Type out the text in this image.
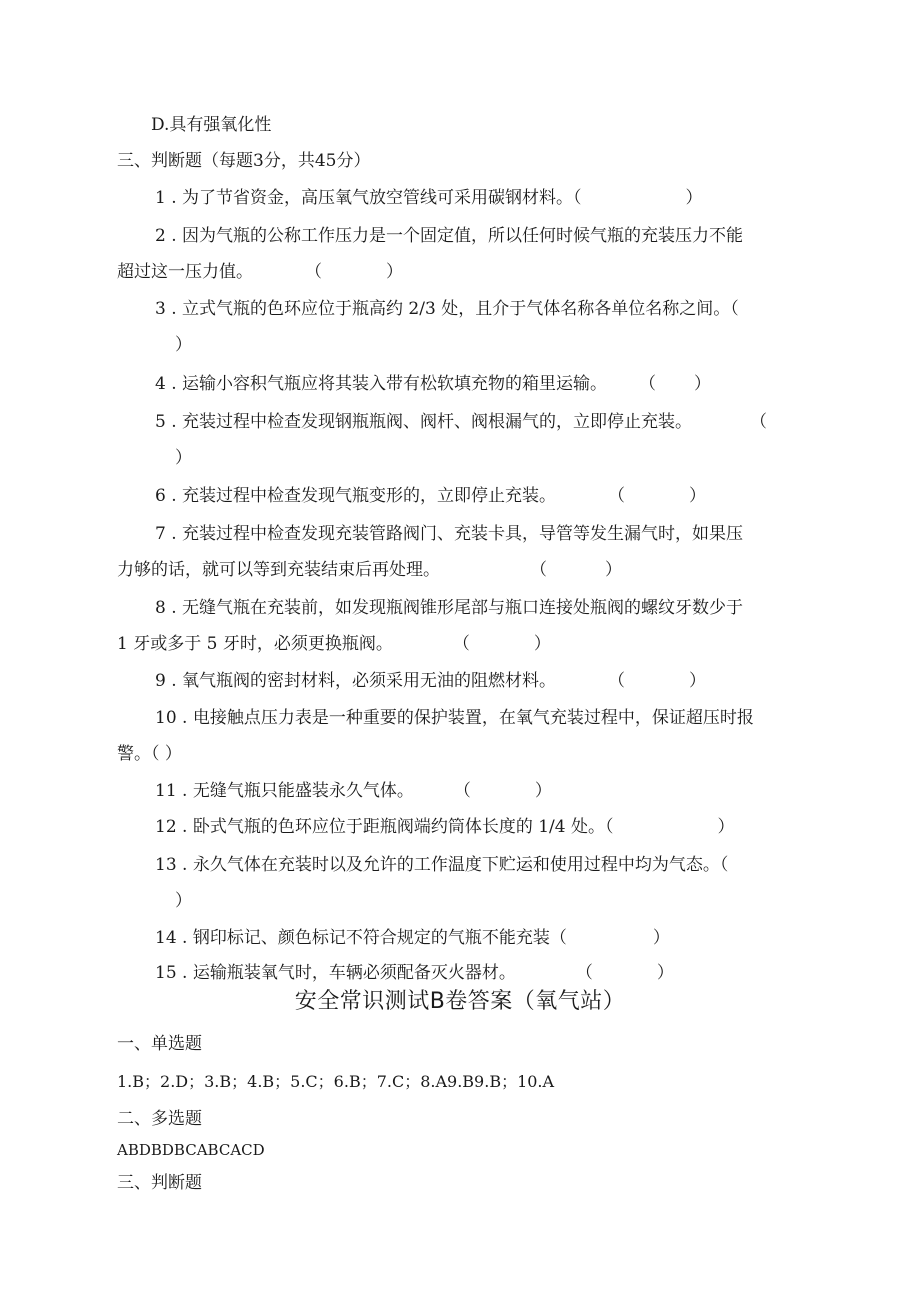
D.具有强氧化性
三、判断题（每题3分，共45分）
1 . 为了节省资金，高压氧气放空管线可采用碳钢材料。（	）
2 . 因为气瓶的公称工作压力是一个固定值，所以任何时候气瓶的充装压力不能
超过这一压力值。	（	）
3 . 立式气瓶的色环应位于瓶高约 2/3 处，且介于气体名称各单位名称之间。（
）
4 . 运输小容积气瓶应将其装入带有松软填充物的箱里运输。 （ ）
5 . 充装过程中检查发现钢瓶瓶阀、阀杆、阀根漏气的，立即停止充装。	（
）
6 . 充装过程中检查发现气瓶变形的，立即停止充装。	（	）
7 . 充装过程中检查发现充装管路阀门、充装卡具，导管等发生漏气时，如果压
力够的话，就可以等到充装结束后再处理。	（	）
8 . 无缝气瓶在充装前，如发现瓶阀锥形尾部与瓶口连接处瓶阀的螺纹牙数少于
1 牙或多于 5 牙时，必须更换瓶阀。	（	）
9 . 氧气瓶阀的密封材料，必须采用无油的阻燃材料。	（	）
10 . 电接触点压力表是一种重要的保护装置，在氧气充装过程中，保证超压时报
警。（ ）
11 . 无缝气瓶只能盛装永久气体。 （	）
12 . 卧式气瓶的色环应位于距瓶阀端约筒体长度的 1/4 处。（	）
13 . 永久气体在充装时以及允许的工作温度下贮运和使用过程中均为气态。（
）
14 . 钢印标记、颜色标记不符合规定的气瓶不能充装（	）
15 . 运输瓶装氧气时，车辆必须配备灭火器材。	（	）
安全常识测试B卷答案（氧气站）
一、单选题
1.B；2.D；3.B；4.B；5.C；6.B；7.C；8.A9.B9.B；10.A
二、多选题
ABDBDBCABCACD
三、判断题
